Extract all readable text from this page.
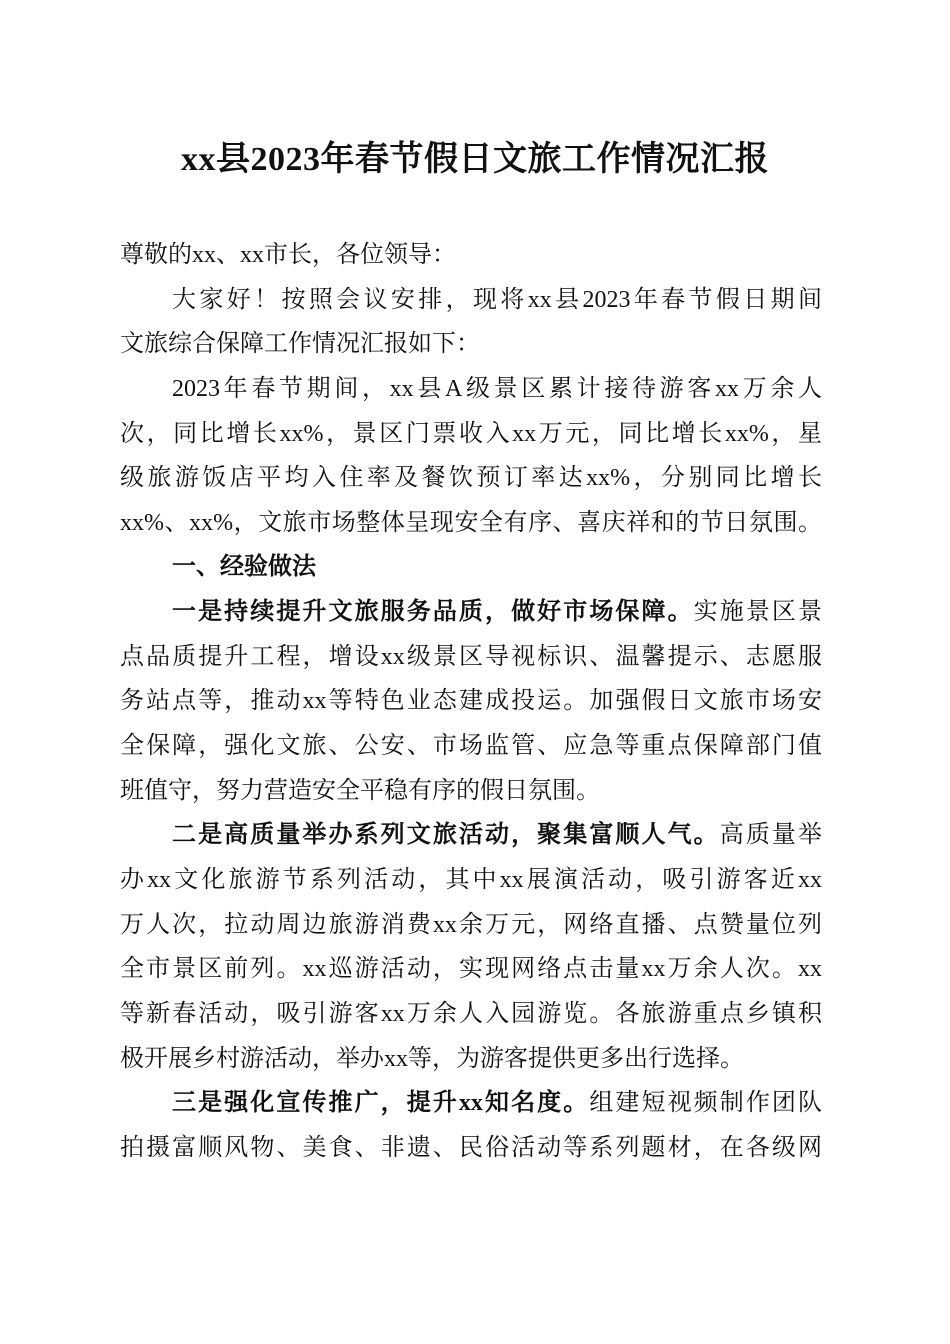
xx县2023年春节假日文旅工作情况汇报
尊敬的xx、xx市长，各位领导：
大家好！按照会议安排，现将xx县2023年春节假日期间
文旅综合保障工作情况汇报如下：
2023年春节期间，xx县A级景区累计接待游客xx万余人
次，同比增长xx%，景区门票收入xx万元，同比增长xx%，星
级旅游饭店平均入住率及餐饮预订率达xx%，分别同比增长
xx%、xx%，文旅市场整体呈现安全有序、喜庆祥和的节日氛围。
一、经验做法
一是持续提升文旅服务品质，做好市场保障。实施景区景
点品质提升工程，增设xx级景区导视标识、温馨提示、志愿服
务站点等，推动xx等特色业态建成投运。加强假日文旅市场安
全保障，强化文旅、公安、市场监管、应急等重点保障部门值
班值守，努力营造安全平稳有序的假日氛围。
二是高质量举办系列文旅活动，聚集富顺人气。高质量举
办xx文化旅游节系列活动，其中xx展演活动，吸引游客近xx
万人次，拉动周边旅游消费xx余万元，网络直播、点赞量位列
全市景区前列。xx巡游活动，实现网络点击量xx万余人次。xx
等新春活动，吸引游客xx万余人入园游览。各旅游重点乡镇积
极开展乡村游活动，举办xx等，为游客提供更多出行选择。
三是强化宣传推广，提升xx知名度。组建短视频制作团队
拍摄富顺风物、美食、非遗、民俗活动等系列题材，在各级网
